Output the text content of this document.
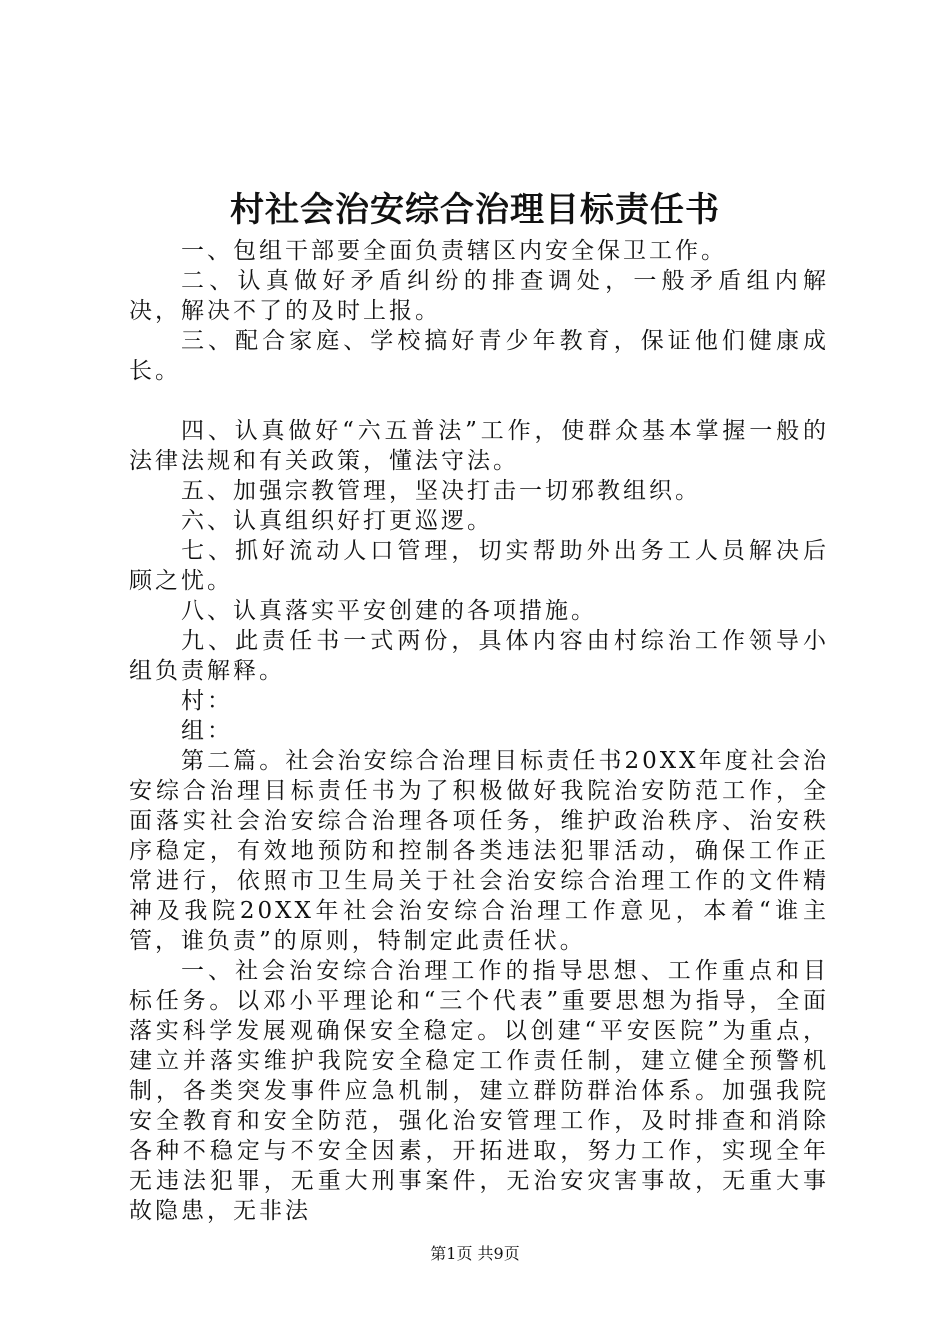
村社会治安综合治理目标责任书

一、包组干部要全面负责辖区内安全保卫工作。

二、认真做好矛盾纠纷的排查调处，一般矛盾组内解决，解决不了的及时上报。

三、配合家庭、学校搞好青少年教育，保证他们健康成长。

四、认真做好“六五普法”工作，使群众基本掌握一般的法律法规和有关政策，懂法守法。

五、加强宗教管理，坚决打击一切邪教组织。

六、认真组织好打更巡逻。

七、抓好流动人口管理，切实帮助外出务工人员解决后顾之忧。

八、认真落实平安创建的各项措施。

九、此责任书一式两份，具体内容由村综治工作领导小组负责解释。

村：

组：

第二篇。社会治安综合治理目标责任书20XX年度社会治安综合治理目标责任书为了积极做好我院治安防范工作，全面落实社会治安综合治理各项任务，维护政治秩序、治安秩序稳定，有效地预防和控制各类违法犯罪活动，确保工作正常进行，依照市卫生局关于社会治安综合治理工作的文件精神及我院20XX年社会治安综合治理工作意见，本着“谁主管，谁负责”的原则，特制定此责任状。

一、社会治安综合治理工作的指导思想、工作重点和目标任务。以邓小平理论和“三个代表”重要思想为指导，全面落实科学发展观确保安全稳定。以创建“平安医院”为重点，建立并落实维护我院安全稳定工作责任制，建立健全预警机制，各类突发事件应急机制，建立群防群治体系。加强我院安全教育和安全防范，强化治安管理工作，及时排查和消除各种不稳定与不安全因素，开拓进取，努力工作，实现全年无违法犯罪，无重大刑事案件，无治安灾害事故，无重大事故隐患，无非法

第1页 共9页
